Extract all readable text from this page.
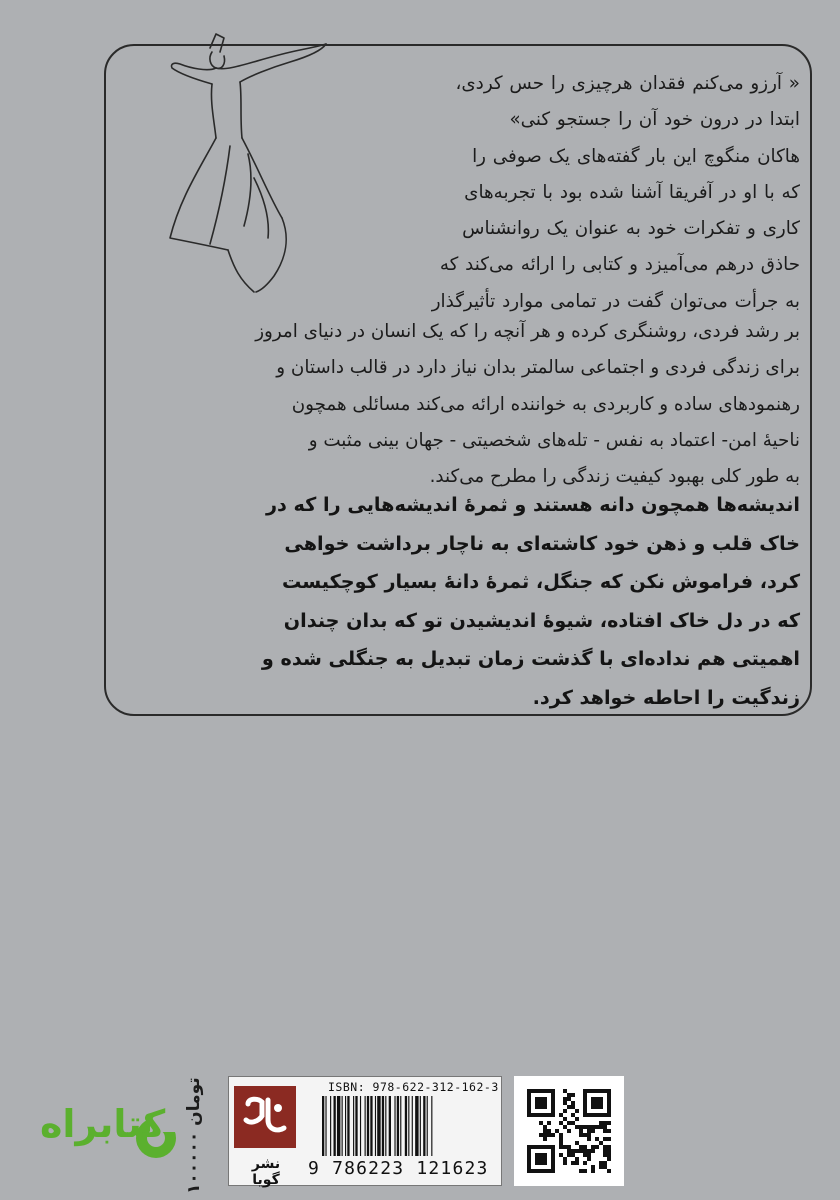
« آرزو می‌کنم فقدان هرچیزی را حس کردی،

ابتدا در درون خود آن را جستجو کنی»

هاکان منگوچ این بار گفته‌های یک صوفی را

که با او در آفریقا آشنا شده بود با تجربه‌های

کاری و تفکرات خود به عنوان یک روانشناس

حاذق درهم می‌آمیزد و کتابی را ارائه می‌کند که

به جرأت می‌توان گفت در تمامی موارد تأثیرگذار

بر رشد فردی، روشنگری کرده و هر آنچه را که یک انسان در دنیای امروز

برای زندگی فردی و اجتماعی سالمتر بدان نیاز دارد در قالب داستان و

رهنمودهای ساده و کاربردی به خواننده ارائه می‌کند مسائلی همچون

ناحیهٔ امن- اعتماد به نفس - تله‌های شخصیتی - جهان بینی مثبت و

به طور کلی بهبود کیفیت زندگی را مطرح می‌کند.

اندیشه‌ها همچون دانه هستند و ثمرهٔ اندیشه‌هایی را که در

خاک قلب و ذهن خود کاشته‌ای به ناچار برداشت خواهی

کرد، فراموش نکن که جنگل، ثمرهٔ دانهٔ بسیار کوچکیست

که در دل خاک افتاده، شیوهٔ اندیشیدن تو که بدان چندان

اهمیتی هم نداده‌ای با گذشت زمان تبدیل به جنگلی شده و

زندگیت را احاطه خواهد کرد.

کتابراه
۱۰۰۰۰۰ تومان
نشر گویا
ISBN: 978-622-312-162-3
9 786223 121623
